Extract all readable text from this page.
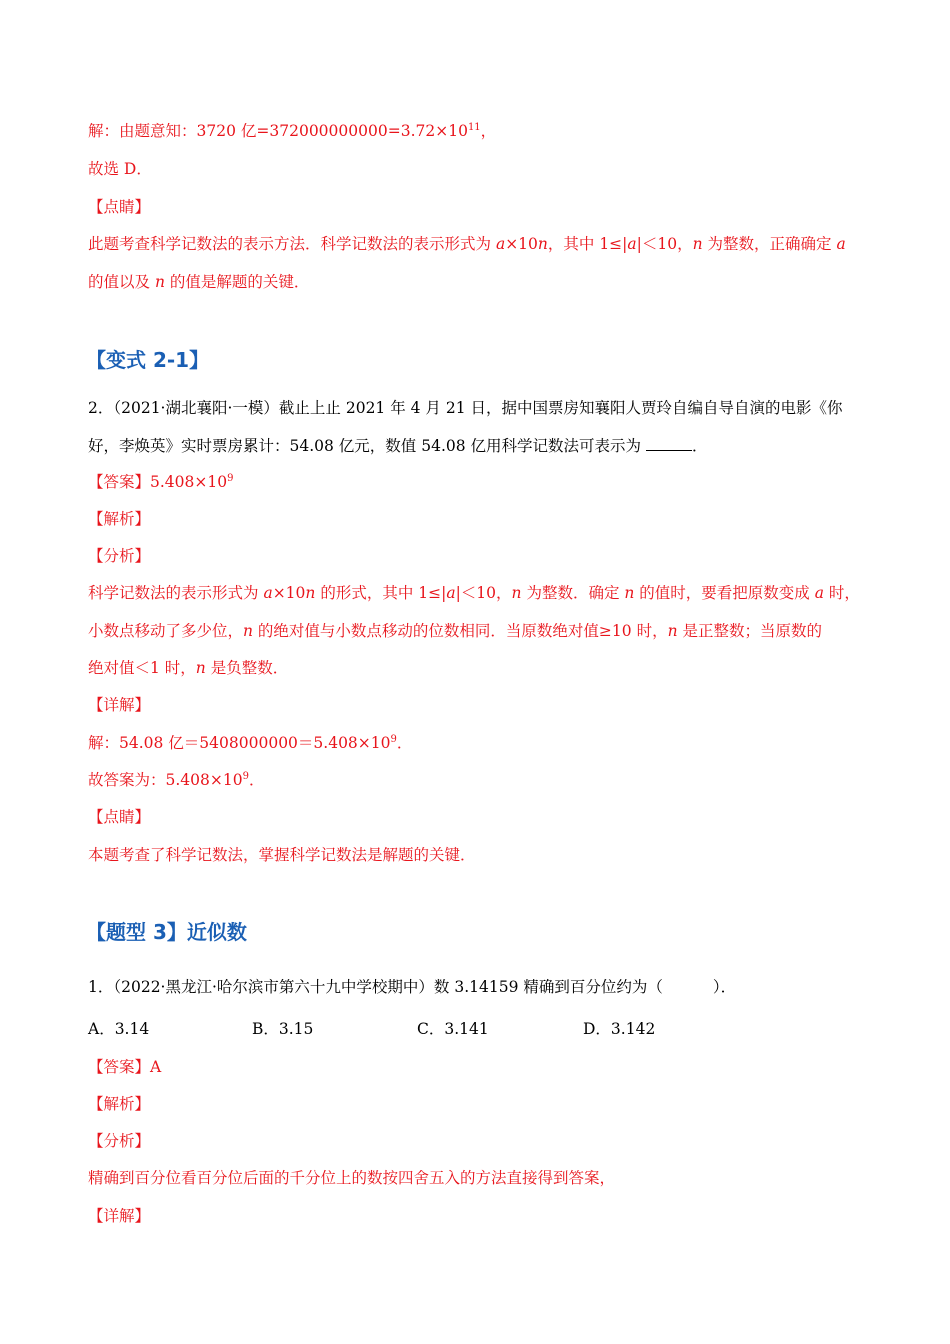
解：由题意知：3720 亿$=372000000000=3.72\times 10^{11}$，
故选 D．
【点睛】
此题考查科学记数法的表示方法．科学记数法的表示形式为 a×10n，其中 1≤|a|＜10，n 为整数，正确确定 a
的值以及 n 的值是解题的关键．
【变式 2-1】
2．（2021·湖北襄阳·一模）截止上止 2021 年 4 月 21 日，据中国票房知襄阳人贾玲自编自导自演的电影《你
好，李焕英》实时票房累计：54.08 亿元，数值 54.08 亿用科学记数法可表示为	．
【答案】$5.408\times 10^9$
【解析】
【分析】
科学记数法的表示形式为 a×10n 的形式，其中 1≤|a|＜10，n 为整数．确定 n 的值时，要看把原数变成 a 时，
小数点移动了多少位，n 的绝对值与小数点移动的位数相同．当原数绝对值≥10 时，n 是正整数；当原数的
绝对值＜1 时，n 是负整数．
【详解】
解：54.08 亿$=5408000000=5.408\times 10^9$．
故答案为：$5.408\times 10^9$．
【点睛】
本题考查了科学记数法，掌握科学记数法是解题的关键．
【题型 3】近似数
1．（2022·黑龙江·哈尔滨市第六十九中学校期中）数 3.14159 精确到百分位约为（	）．
A．3.14	B．3.15	C．3.141	D．3.142
【答案】A
【解析】
【分析】
精确到百分位看百分位后面的千分位上的数按四舍五入的方法直接得到答案，
【详解】
